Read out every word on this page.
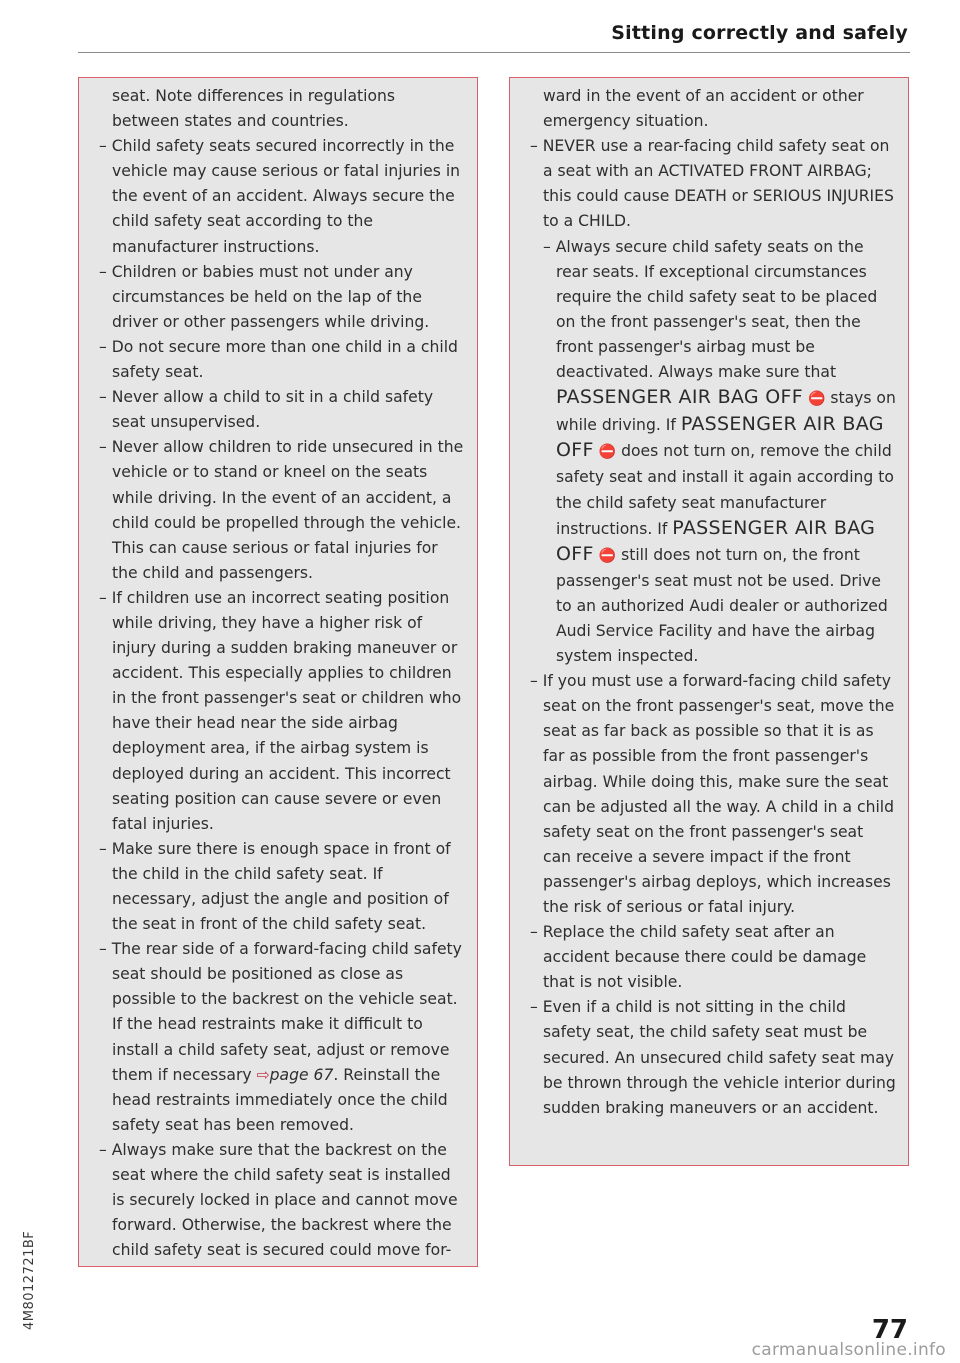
Sitting correctly and safely

seat. Note differences in regulations between states and countries.

– Child safety seats secured incorrectly in the vehicle may cause serious or fatal injuries in the event of an accident. Always secure the child safety seat according to the manufacturer instructions.

– Children or babies must not under any circumstances be held on the lap of the driver or other passengers while driving.

– Do not secure more than one child in a child safety seat.

– Never allow a child to sit in a child safety seat unsupervised.

– Never allow children to ride unsecured in the vehicle or to stand or kneel on the seats while driving. In the event of an accident, a child could be propelled through the vehicle. This can cause serious or fatal injuries for the child and passengers.

– If children use an incorrect seating position while driving, they have a higher risk of injury during a sudden braking maneuver or accident. This especially applies to children in the front passenger's seat or children who have their head near the side airbag deployment area, if the airbag system is deployed during an accident. This incorrect seating position can cause severe or even fatal injuries.

– Make sure there is enough space in front of the child in the child safety seat. If necessary, adjust the angle and position of the seat in front of the child safety seat.

– The rear side of a forward-facing child safety seat should be positioned as close as possible to the backrest on the vehicle seat. If the head restraints make it difficult to install a child safety seat, adjust or remove them if necessary ⇨page 67. Reinstall the head restraints immediately once the child safety seat has been removed.

– Always make sure that the backrest on the seat where the child safety seat is installed is securely locked in place and cannot move forward. Otherwise, the backrest where the child safety seat is secured could move for-

ward in the event of an accident or other emergency situation.

– NEVER use a rear-facing child safety seat on a seat with an ACTIVATED FRONT AIRBAG; this could cause DEATH or SERIOUS INJURIES to a CHILD.

– Always secure child safety seats on the rear seats. If exceptional circumstances require the child safety seat to be placed on the front passenger's seat, then the front passenger's airbag must be deactivated. Always make sure that PASSENGER AIR BAG OFF ⛔ stays on while driving. If PASSENGER AIR BAG OFF ⛔ does not turn on, remove the child safety seat and install it again according to the child safety seat manufacturer instructions. If PASSENGER AIR BAG OFF ⛔ still does not turn on, the front passenger's seat must not be used. Drive to an authorized Audi dealer or authorized Audi Service Facility and have the airbag system inspected.

– If you must use a forward-facing child safety seat on the front passenger's seat, move the seat as far back as possible so that it is as far as possible from the front passenger's airbag. While doing this, make sure the seat can be adjusted all the way. A child in a child safety seat on the front passenger's seat can receive a severe impact if the front passenger's airbag deploys, which increases the risk of serious or fatal injury.

– Replace the child safety seat after an accident because there could be damage that is not visible.

– Even if a child is not sitting in the child safety seat, the child safety seat must be secured. An unsecured child safety seat may be thrown through the vehicle interior during sudden braking maneuvers or an accident.

4M8012721BF	77
carmanualsonline.info
